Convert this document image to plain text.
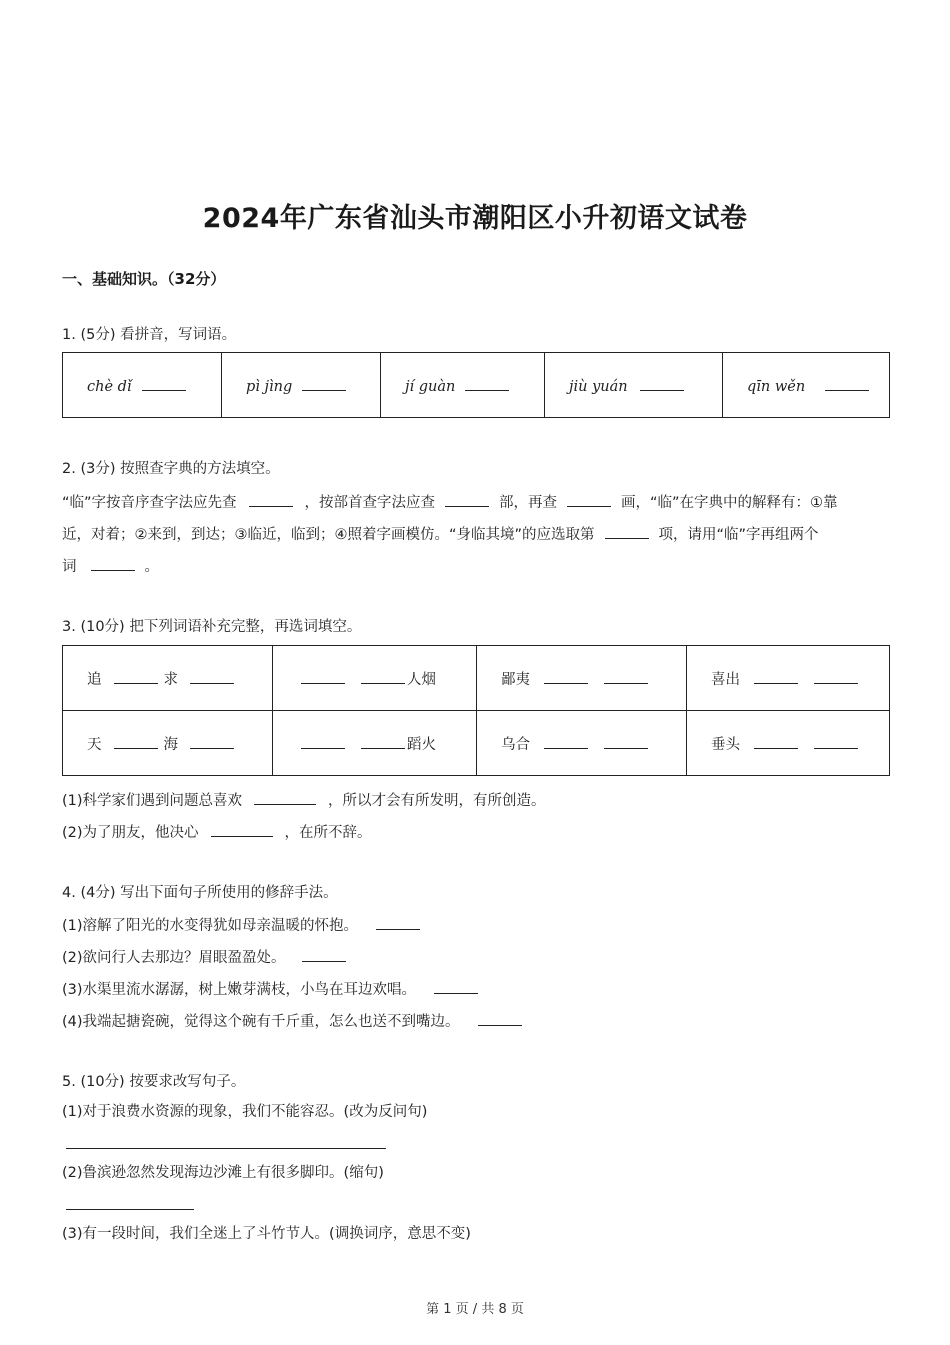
2024年广东省汕头市潮阳区小升初语文试卷
一、基础知识。（32分）
1. (5分) 看拼音，写词语。
chè dǐ	pì jìng	jí guàn	jiù yuán	qīn wěn
2. (3分) 按照查字典的方法填空。
“临”字按音序查字法应先查	，按部首查字法应查	部，再查	画，“临”在字典中的解释有：①靠
近，对着；②来到，到达；③临近，临到；④照着字画模仿。“身临其境”的应选取第	项，请用“临”字再组两个
词	。
3. (10分) 把下列词语补充完整，再选词填空。
追 求	人烟	鄙夷	喜出
天 海	蹈火	乌合	垂头
(1)科学家们遇到问题总喜欢	，所以才会有所发明，有所创造。
(2)为了朋友，他决心	，在所不辞。
4. (4分) 写出下面句子所使用的修辞手法。
(1)溶解了阳光的水变得犹如母亲温暖的怀抱。
(2)欲问行人去那边？眉眼盈盈处。
(3)水渠里流水潺潺，树上嫩芽满枝，小鸟在耳边欢唱。
(4)我端起搪瓷碗，觉得这个碗有千斤重，怎么也送不到嘴边。
5. (10分) 按要求改写句子。
(1)对于浪费水资源的现象，我们不能容忍。(改为反问句)
(2)鲁滨逊忽然发现海边沙滩上有很多脚印。(缩句)
(3)有一段时间，我们全迷上了斗竹节人。(调换词序，意思不变)
第 1 页 / 共 8 页
